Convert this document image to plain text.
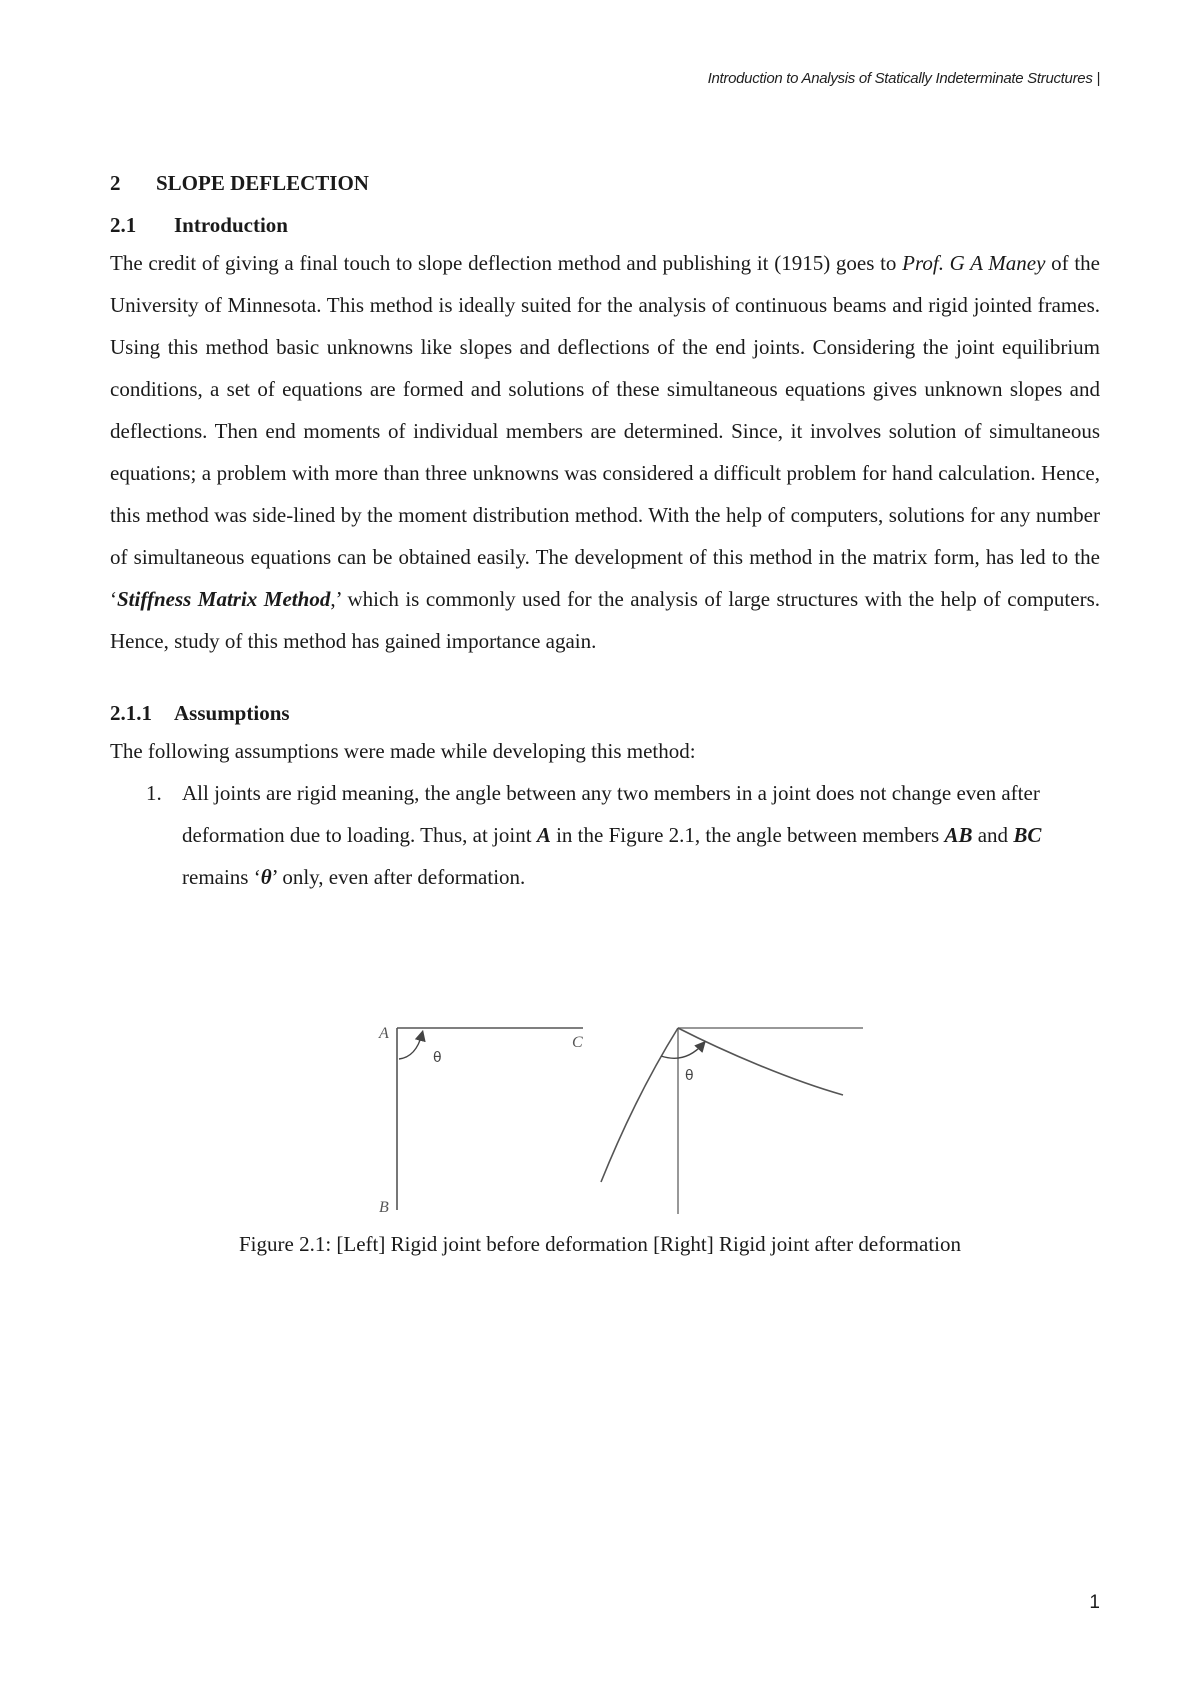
Introduction to Analysis of Statically Indeterminate Structures |
2 SLOPE DEFLECTION
2.1 Introduction

The credit of giving a final touch to slope deflection method and publishing it (1915) goes to Prof. G A Maney of the University of Minnesota. This method is ideally suited for the analysis of continuous beams and rigid jointed frames. Using this method basic unknowns like slopes and deflections of the end joints. Considering the joint equilibrium conditions, a set of equations are formed and solutions of these simultaneous equations gives unknown slopes and deflections. Then end moments of individual members are determined. Since, it involves solution of simultaneous equations; a problem with more than three unknowns was considered a difficult problem for hand calculation. Hence, this method was side-lined by the moment distribution method. With the help of computers, solutions for any number of simultaneous equations can be obtained easily. The development of this method in the matrix form, has led to the ‘Stiffness Matrix Method,’ which is commonly used for the analysis of large structures with the help of computers. Hence, study of this method has gained importance again.

2.1.1 Assumptions

The following assumptions were made while developing this method:

1. All joints are rigid meaning, the angle between any two members in a joint does not change even after deformation due to loading. Thus, at joint A in the Figure 2.1, the angle between members AB and BC remains ‘θ’ only, even after deformation.
A
B
C
θ
θ
Figure 2.1: [Left] Rigid joint before deformation [Right] Rigid joint after deformation
1
